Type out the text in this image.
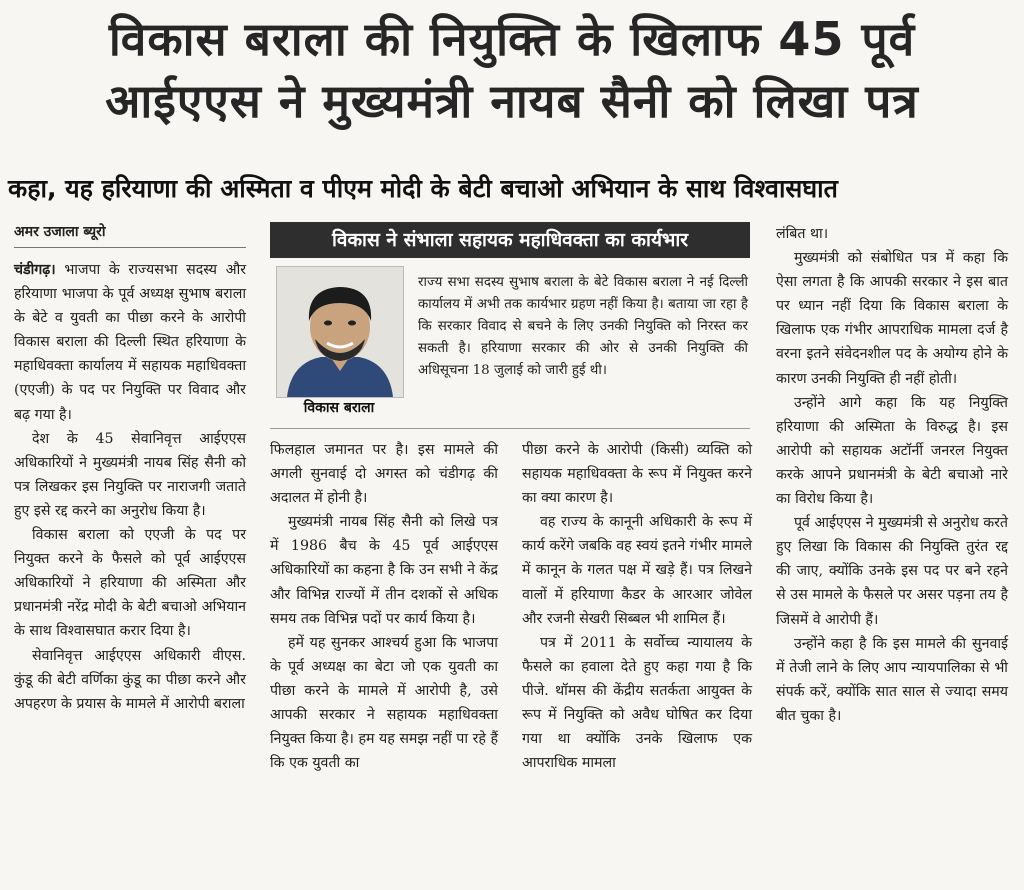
विकास बराला की नियुक्ति के खिलाफ 45 पूर्व
आईएएस ने मुख्यमंत्री नायब सैनी को लिखा पत्र
कहा, यह हरियाणा की अस्मिता व पीएम मोदी के बेटी बचाओ अभियान के साथ विश्वासघात
अमर उजाला ब्यूरो

चंडीगढ़। भाजपा के राज्यसभा सदस्य और हरियाणा भाजपा के पूर्व अध्यक्ष सुभाष बराला के बेटे व युवती का पीछा करने के आरोपी विकास बराला की दिल्ली स्थित हरियाणा के महाधिवक्ता कार्यालय में सहायक महाधिवक्ता (एएजी) के पद पर नियुक्ति पर विवाद और बढ़ गया है।

देश के 45 सेवानिवृत्त आईएएस अधिकारियों ने मुख्यमंत्री नायब सिंह सैनी को पत्र लिखकर इस नियुक्ति पर नाराजगी जताते हुए इसे रद्द करने का अनुरोध किया है।

विकास बराला को एएजी के पद पर नियुक्त करने के फैसले को पूर्व आईएएस अधिकारियों ने हरियाणा की अस्मिता और प्रधानमंत्री नरेंद्र मोदी के बेटी बचाओ अभियान के साथ विश्वासघात करार दिया है।

सेवानिवृत्त आईएएस अधिकारी वीएस. कुंडू की बेटी वर्णिका कुंडू का पीछा करने और अपहरण के प्रयास के मामले में आरोपी बराला

विकास ने संभाला सहायक महाधिवक्ता का कार्यभार
विकास बराला
राज्य सभा सदस्य सुभाष बराला के बेटे विकास बराला ने नई दिल्ली कार्यालय में अभी तक कार्यभार ग्रहण नहीं किया है। बताया जा रहा है कि सरकार विवाद से बचने के लिए उनकी नियुक्ति को निरस्त कर सकती है। हरियाणा सरकार की ओर से उनकी नियुक्ति की अधिसूचना 18 जुलाई को जारी हुई थी।

फिलहाल जमानत पर है। इस मामले की अगली सुनवाई दो अगस्त को चंडीगढ़ की अदालत में होनी है।

मुख्यमंत्री नायब सिंह सैनी को लिखे पत्र में 1986 बैच के 45 पूर्व आईएएस अधिकारियों का कहना है कि उन सभी ने केंद्र और विभिन्न राज्यों में तीन दशकों से अधिक समय तक विभिन्न पदों पर कार्य किया है।

हमें यह सुनकर आश्चर्य हुआ कि भाजपा के पूर्व अध्यक्ष का बेटा जो एक युवती का पीछा करने के मामले में आरोपी है, उसे आपकी सरकार ने सहायक महाधिवक्ता नियुक्त किया है। हम यह समझ नहीं पा रहे हैं कि एक युवती का

पीछा करने के आरोपी (किसी) व्यक्ति को सहायक महाधिवक्ता के रूप में नियुक्त करने का क्या कारण है।

वह राज्य के कानूनी अधिकारी के रूप में कार्य करेंगे जबकि वह स्वयं इतने गंभीर मामले में कानून के गलत पक्ष में खड़े हैं। पत्र लिखने वालों में हरियाणा कैडर के आरआर जोवेल और रजनी सेखरी सिब्बल भी शामिल हैं।

पत्र में 2011 के सर्वोच्च न्यायालय के फैसले का हवाला देते हुए कहा गया है कि पीजे. थॉमस की केंद्रीय सतर्कता आयुक्त के रूप में नियुक्ति को अवैध घोषित कर दिया गया था क्योंकि उनके खिलाफ एक आपराधिक मामला

लंबित था।

मुख्यमंत्री को संबोधित पत्र में कहा कि ऐसा लगता है कि आपकी सरकार ने इस बात पर ध्यान नहीं दिया कि विकास बराला के खिलाफ एक गंभीर आपराधिक मामला दर्ज है वरना इतने संवेदनशील पद के अयोग्य होने के कारण उनकी नियुक्ति ही नहीं होती।

उन्होंने आगे कहा कि यह नियुक्ति हरियाणा की अस्मिता के विरुद्ध है। इस आरोपी को सहायक अटॉर्नी जनरल नियुक्त करके आपने प्रधानमंत्री के बेटी बचाओ नारे का विरोध किया है।

पूर्व आईएएस ने मुख्यमंत्री से अनुरोध करते हुए लिखा कि विकास की नियुक्ति तुरंत रद्द की जाए, क्योंकि उनके इस पद पर बने रहने से उस मामले के फैसले पर असर पड़ना तय है जिसमें वे आरोपी हैं।

उन्होंने कहा है कि इस मामले की सुनवाई में तेजी लाने के लिए आप न्यायपालिका से भी संपर्क करें, क्योंकि सात साल से ज्यादा समय बीत चुका है।
